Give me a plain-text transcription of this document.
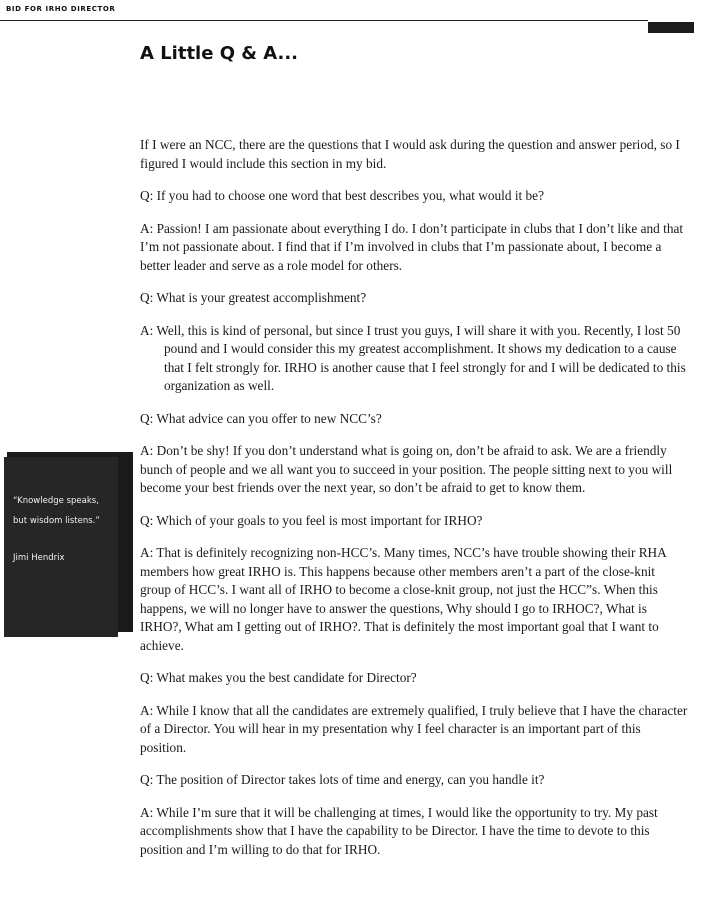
BID FOR IRHO DIRECTOR
A Little Q & A...
“Knowledge speaks,
but wisdom listens.”
Jimi Hendrix

If I were an NCC, there are the questions that I would ask during the question and answer period, so I figured I would include this section in my bid.

Q: If you had to choose one word that best describes you, what would it be?

A: Passion! I am passionate about everything I do. I don’t participate in clubs that I don’t like and that I’m not passionate about. I find that if I’m involved in clubs that I’m passionate about, I become a better leader and serve as a role model for others.

Q: What is your greatest accomplishment?

A: Well, this is kind of personal, but since I trust you guys, I will share it with you. Recently, I lost 50 pound and I would consider this my greatest accomplishment. It shows my dedication to a cause that I felt strongly for. IRHO is another cause that I feel strongly for and I will be dedicated to this organization as well.

Q: What advice can you offer to new NCC’s?

A: Don’t be shy! If you don’t understand what is going on, don’t be afraid to ask. We are a friendly bunch of people and we all want you to succeed in your position. The people sitting next to you will become your best friends over the next year, so don’t be afraid to get to know them.

Q: Which of your goals to you feel is most important for IRHO?

A: That is definitely recognizing non-HCC’s. Many times, NCC’s have trouble showing their RHA members how great IRHO is. This happens because other members aren’t a part of the close-knit group of HCC’s. I want all of IRHO to become a close-knit group, not just the HCC”s. When this happens, we will no longer have to answer the questions, Why should I go to IRHOC?, What is IRHO?, What am I getting out of IRHO?. That is definitely the most important goal that I want to achieve.

Q: What makes you the best candidate for Director?

A: While I know that all the candidates are extremely qualified, I truly believe that I have the character of a Director. You will hear in my presentation why I feel character is an important part of this position.

Q: The position of Director takes lots of time and energy, can you handle it?

A: While I’m sure that it will be challenging at times, I would like the opportunity to try. My past accomplishments show that I have the capability to be Director. I have the time to devote to this position and I’m willing to do that for IRHO.
